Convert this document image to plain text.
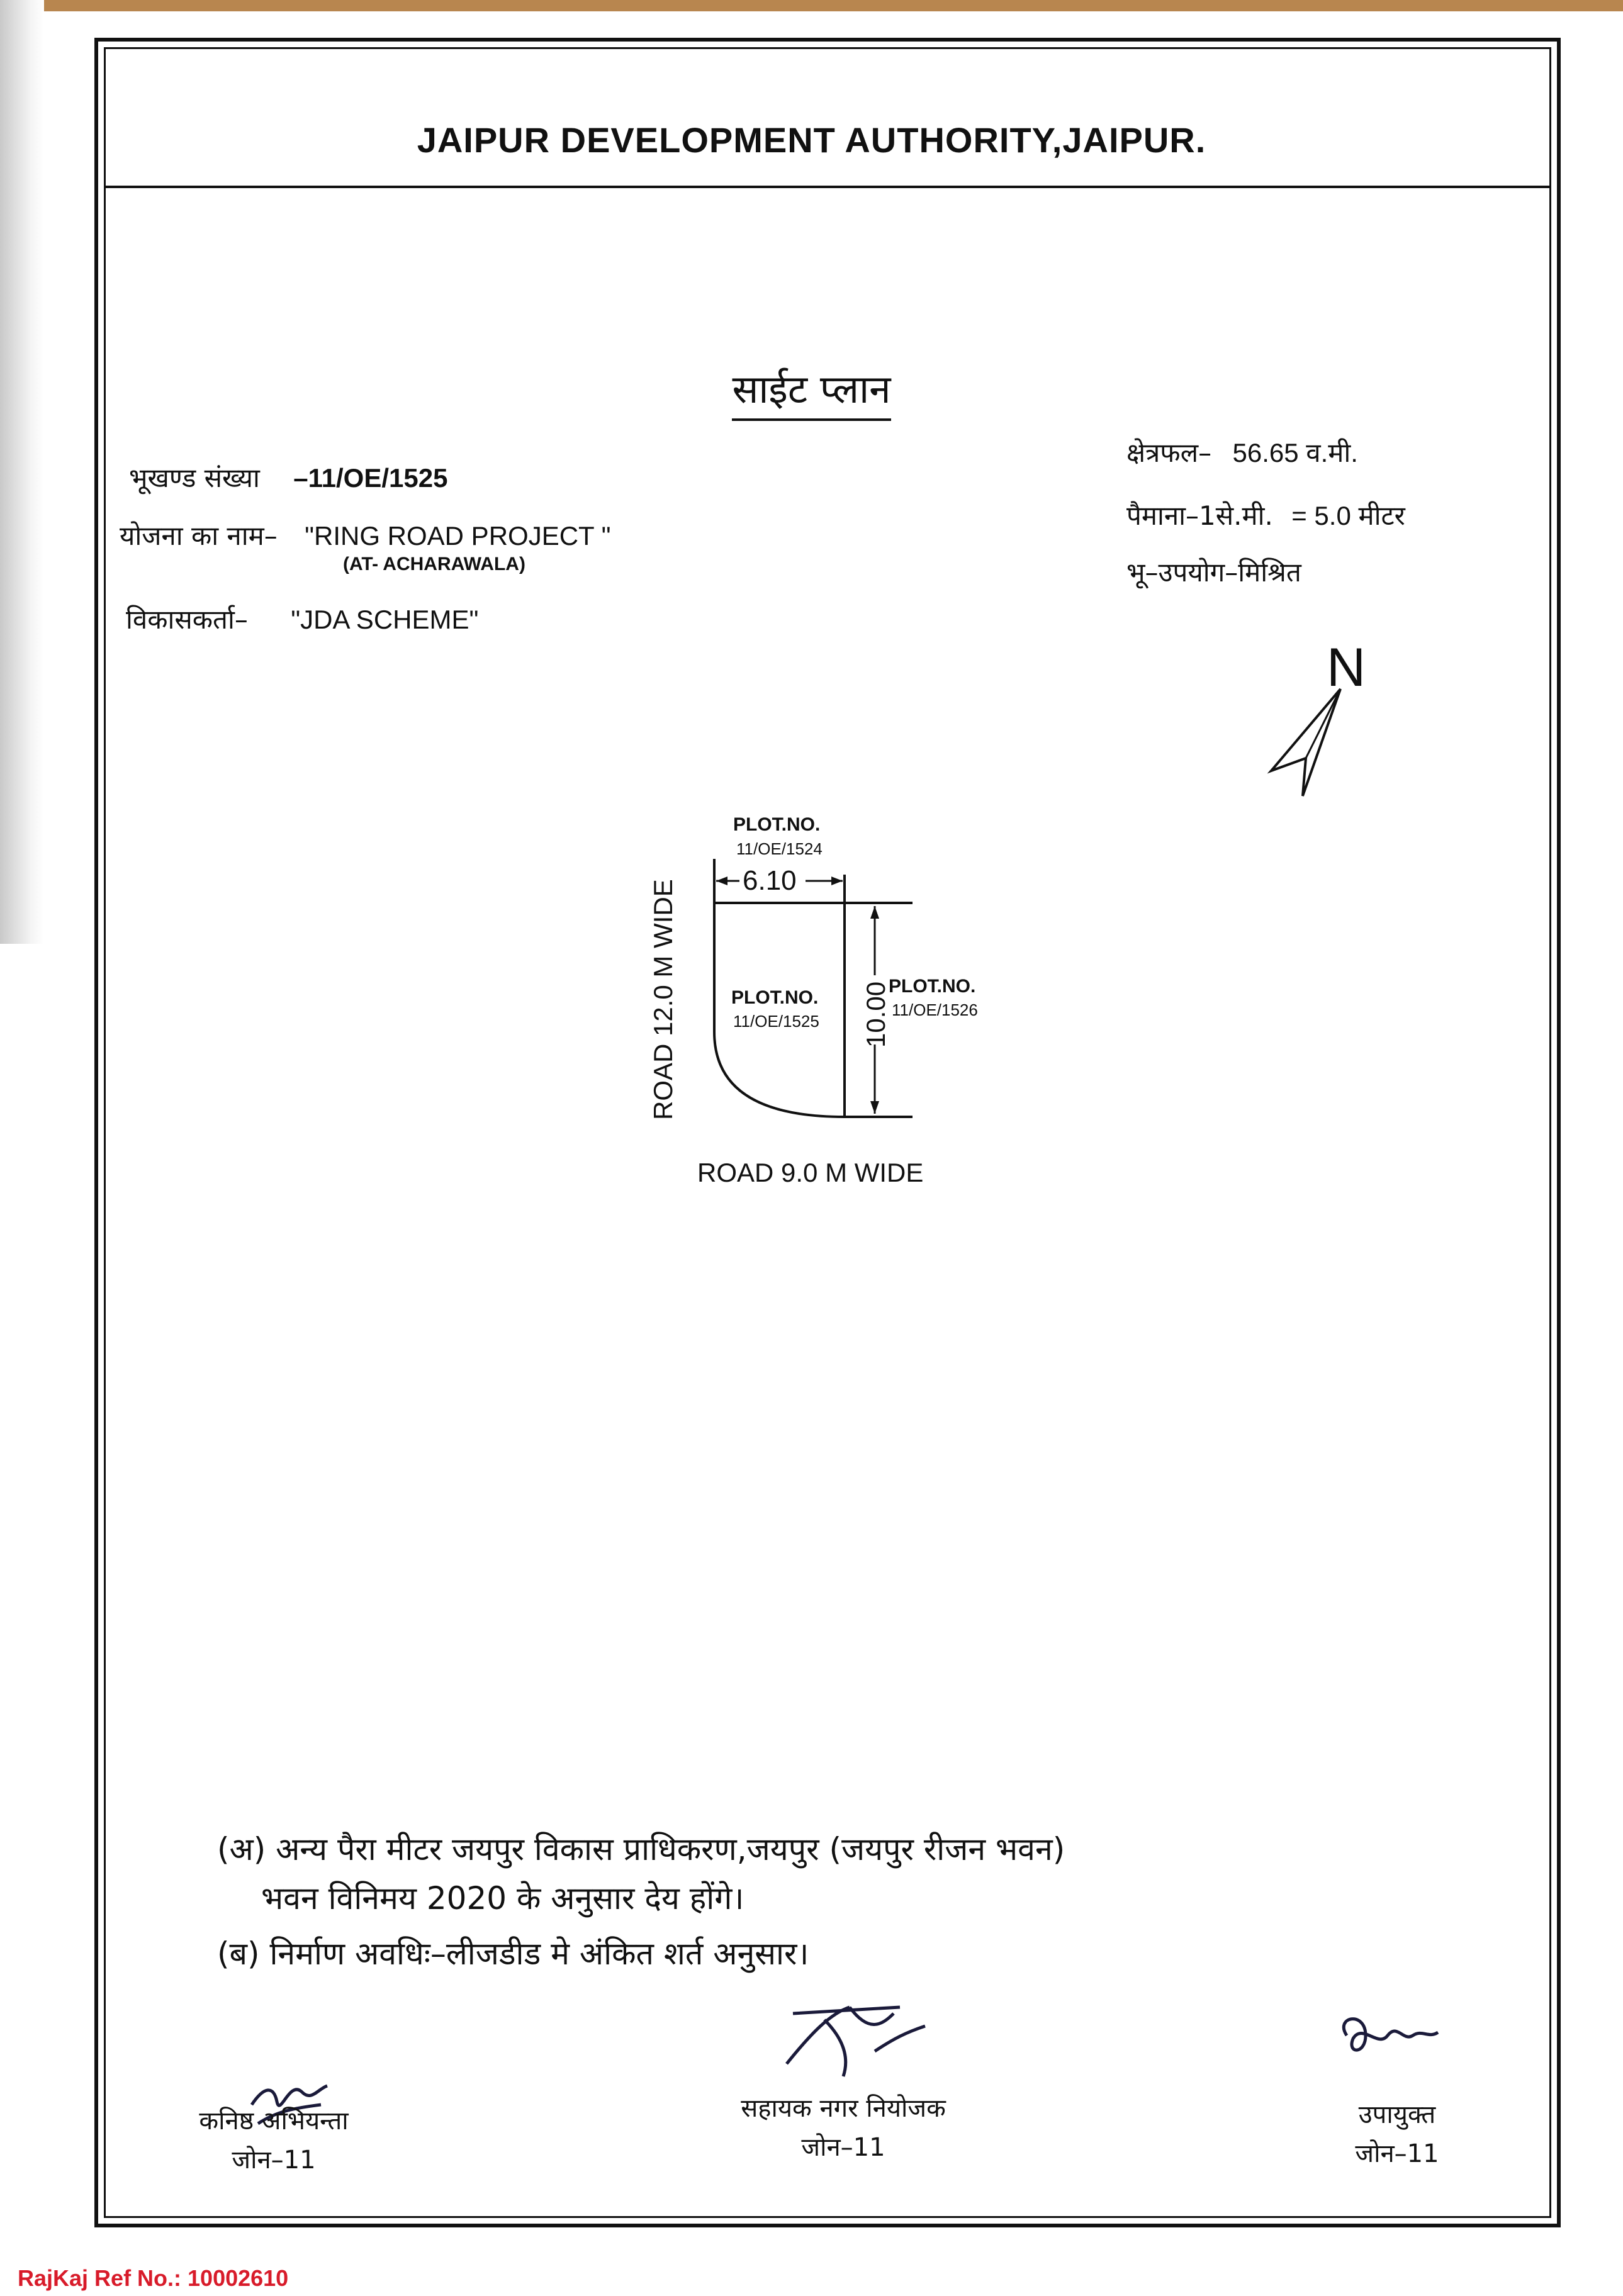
JAIPUR DEVELOPMENT AUTHORITY,JAIPUR.
साईट प्लान
भूखण्ड संख्या –11/OE/1525
योजना का नाम– "RING ROAD PROJECT "
(AT- ACHARAWALA)
विकासकर्ता– "JDA SCHEME"
क्षेत्रफल– 56.65 व.मी.
पैमाना–1से.मी. = 5.0 मीटर
भू–उपयोग–मिश्रित
N
6.10
10.00
PLOT.NO.
11/OE/1524
PLOT.NO.
11/OE/1525
PLOT.NO.
11/OE/1526
ROAD 12.0 M WIDE
ROAD 9.0 M WIDE
(अ) अन्य पैरा मीटर जयपुर विकास प्राधिकरण,जयपुर (जयपुर रीजन भवन)
भवन विनिमय 2020 के अनुसार देय होंगे।
(ब) निर्माण अवधिः–लीजडीड मे अंकित शर्त अनुसार।
कनिष्ठ अभियन्ता
जोन–11
सहायक नगर नियोजक
जोन–11
उपायुक्त
जोन–11
RajKaj Ref No.: 10002610
